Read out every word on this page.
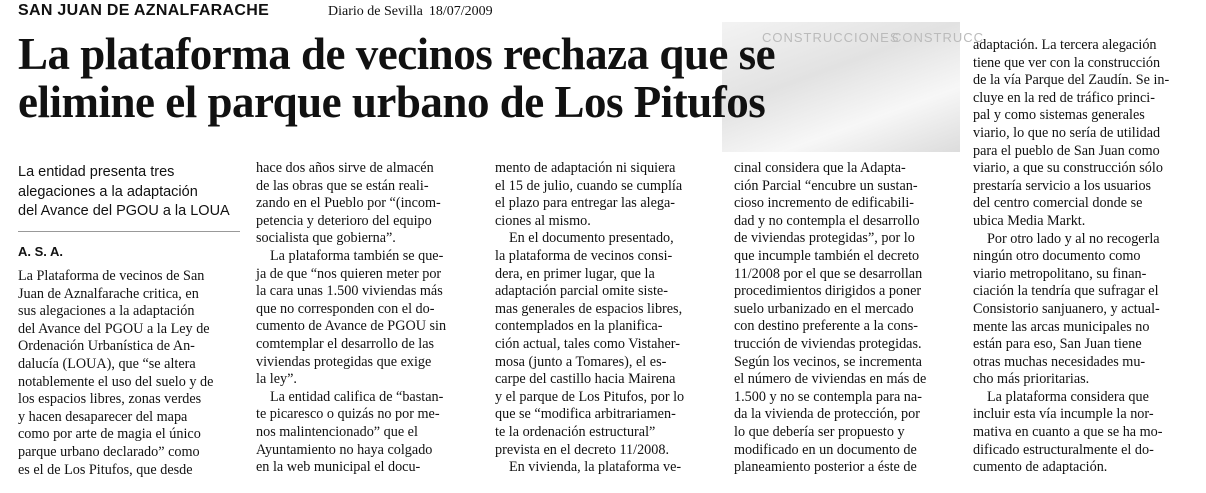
SAN JUAN DE AZNALFARACHE	Diario de Sevilla 18/07/2009
CONSTRUCCIONES
CONSTRUCC
La plataforma de vecinos rechaza que se
elimine el parque urbano de Los Pitufos
La entidad presenta tres
alegaciones a la adaptación
del Avance del PGOU a la LOUA
A. S. A.
La Plataforma de vecinos de San
Juan de Aznalfarache critica, en
sus alegaciones a la adaptación
del Avance del PGOU a la Ley de
Ordenación Urbanística de An-
dalucía (LOUA), que “se altera
notablemente el uso del suelo y de
los espacios libres, zonas verdes
y hacen desaparecer del mapa
como por arte de magia el único
parque urbano declarado” como
es el de Los Pitufos, que desde
hace dos años sirve de almacén
de las obras que se están reali-
zando en el Pueblo por “(incom-
petencia y deterioro del equipo
socialista que gobierna”.
La plataforma también se que-
ja de que “nos quieren meter por
la cara unas 1.500 viviendas más
que no corresponden con el do-
cumento de Avance de PGOU sin
comtemplar el desarrollo de las
viviendas protegidas que exige
la ley”.
La entidad califica de “bastan-
te picaresco o quizás no por me-
nos malintencionado” que el
Ayuntamiento no haya colgado
en la web municipal el docu-
mento de adaptación ni siquiera
el 15 de julio, cuando se cumplía
el plazo para entregar las alega-
ciones al mismo.
En el documento presentado,
la plataforma de vecinos consi-
dera, en primer lugar, que la
adaptación parcial omite siste-
mas generales de espacios libres,
contemplados en la planifica-
ción actual, tales como Vistaher-
mosa (junto a Tomares), el es-
carpe del castillo hacia Mairena
y el parque de Los Pitufos, por lo
que se “modifica arbitrariamen-
te la ordenación estructural”
prevista en el decreto 11/2008.
En vivienda, la plataforma ve-
cinal considera que la Adapta-
ción Parcial “encubre un sustan-
cioso incremento de edificabili-
dad y no contempla el desarrollo
de viviendas protegidas”, por lo
que incumple también el decreto
11/2008 por el que se desarrollan
procedimientos dirigidos a poner
suelo urbanizado en el mercado
con destino preferente a la cons-
trucción de viviendas protegidas.
Según los vecinos, se incrementa
el número de viviendas en más de
1.500 y no se contempla para na-
da la vivienda de protección, por
lo que debería ser propuesto y
modificado en un documento de
planeamiento posterior a éste de
adaptación. La tercera alegación
tiene que ver con la construcción
de la vía Parque del Zaudín. Se in-
cluye en la red de tráfico princi-
pal y como sistemas generales
viario, lo que no sería de utilidad
para el pueblo de San Juan como
viario, a que su construcción sólo
prestaría servicio a los usuarios
del centro comercial donde se
ubica Media Markt.
Por otro lado y al no recogerla
ningún otro documento como
viario metropolitano, su finan-
ciación la tendría que sufragar el
Consistorio sanjuanero, y actual-
mente las arcas municipales no
están para eso, San Juan tiene
otras muchas necesidades mu-
cho más prioritarias.
La plataforma considera que
incluir esta vía incumple la nor-
mativa en cuanto a que se ha mo-
dificado estructuralmente el do-
cumento de adaptación.
